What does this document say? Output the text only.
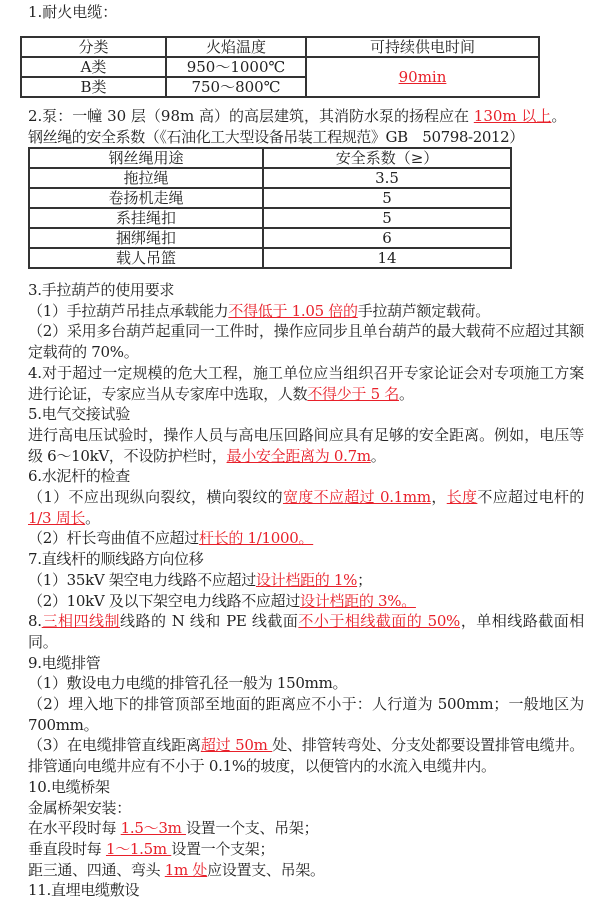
1.耐火电缆：
分类	火焰温度	可持续供电时间
A类	950～1000℃	90min
B类	750～800℃	
2.泵：一幢 30 层（98m 高）的高层建筑，其消防水泵的扬程应在 130m 以上。
钢丝绳的安全系数（《石油化工大型设备吊装工程规范》GB　50798-2012）
钢丝绳用途	安全系数（≥）
拖拉绳	3.5
卷扬机走绳	5
系挂绳扣	5
捆绑绳扣	6
载人吊篮	14

3.手拉葫芦的使用要求

（1）手拉葫芦吊挂点承载能力不得低于 1.05 倍的手拉葫芦额定载荷。

（2）采用多台葫芦起重同一工件时，操作应同步且单台葫芦的最大载荷不应超过其额定载荷的 70%。

4.对于超过一定规模的危大工程，施工单位应当组织召开专家论证会对专项施工方案进行论证，专家应当从专家库中选取，人数不得少于 5 名。

5.电气交接试验

进行高电压试验时，操作人员与高电压回路间应具有足够的安全距离。例如，电压等级 6～10kV，不设防护栏时，最小安全距离为 0.7m。

6.水泥杆的检查

（1）不应出现纵向裂纹，横向裂纹的宽度不应超过 0.1mm，长度不应超过电杆的 1/3 周长。

（2）杆长弯曲值不应超过杆长的 1/1000。

7.直线杆的顺线路方向位移

（1）35kV 架空电力线路不应超过设计档距的 1%；

（2）10kV 及以下架空电力线路不应超过设计档距的 3%。

8.三相四线制线路的 N 线和 PE 线截面不小于相线截面的 50%，单相线路截面相同。

9.电缆排管

（1）敷设电力电缆的排管孔径一般为 150mm。

（2）埋入地下的排管顶部至地面的距离应不小于：人行道为 500mm；一般地区为 700mm。

（3）在电缆排管直线距离超过 50m 处、排管转弯处、分支处都要设置排管电缆井。排管通向电缆井应有不小于 0.1%的坡度，以便管内的水流入电缆井内。

10.电缆桥架

金属桥架安装：

在水平段时每 1.5～3m 设置一个支、吊架；

垂直段时每 1～1.5m 设置一个支架；

距三通、四通、弯头 1m 处应设置支、吊架。

11.直埋电缆敷设
